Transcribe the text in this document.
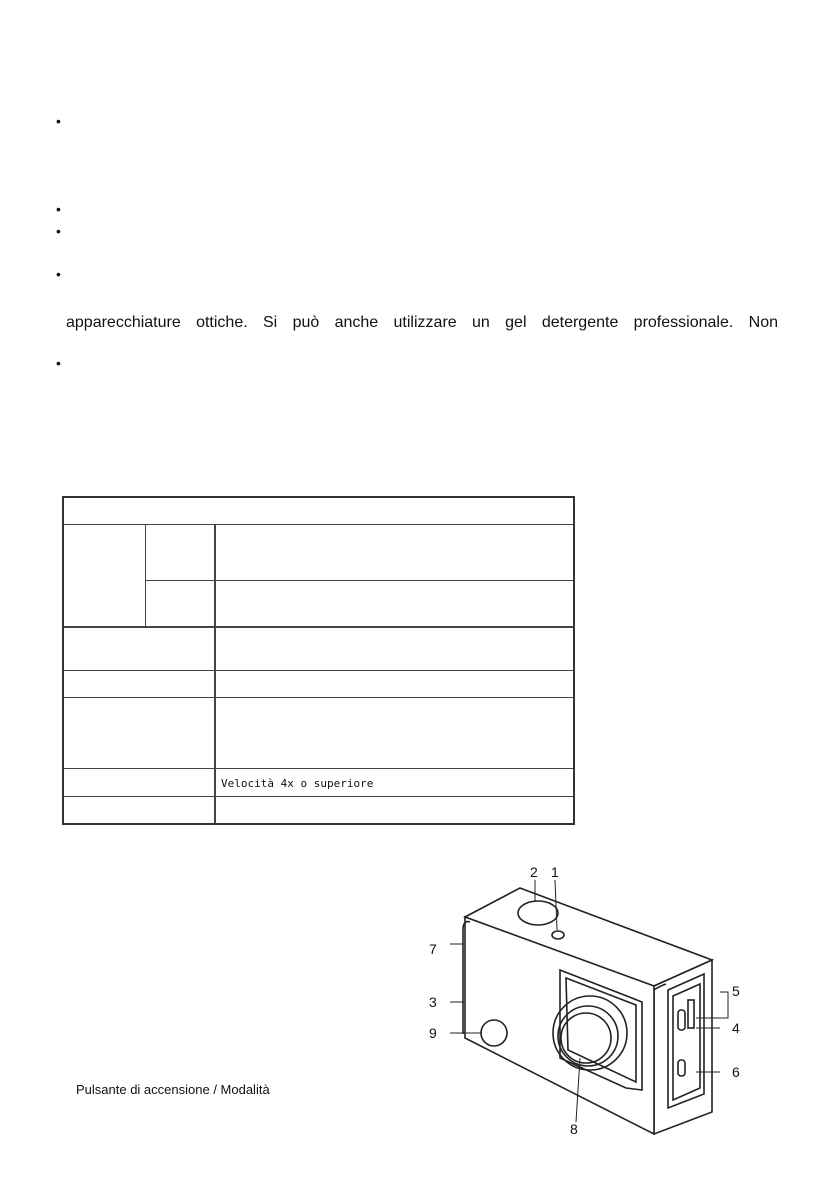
•
•
•
•
•
apparecchiature ottiche. Si può anche utilizzare un gel detergente professionale. Non
Velocità 4x o superiore
Pulsante di accensione / Modalità
1
2
3
4
5
6
7
8
9
